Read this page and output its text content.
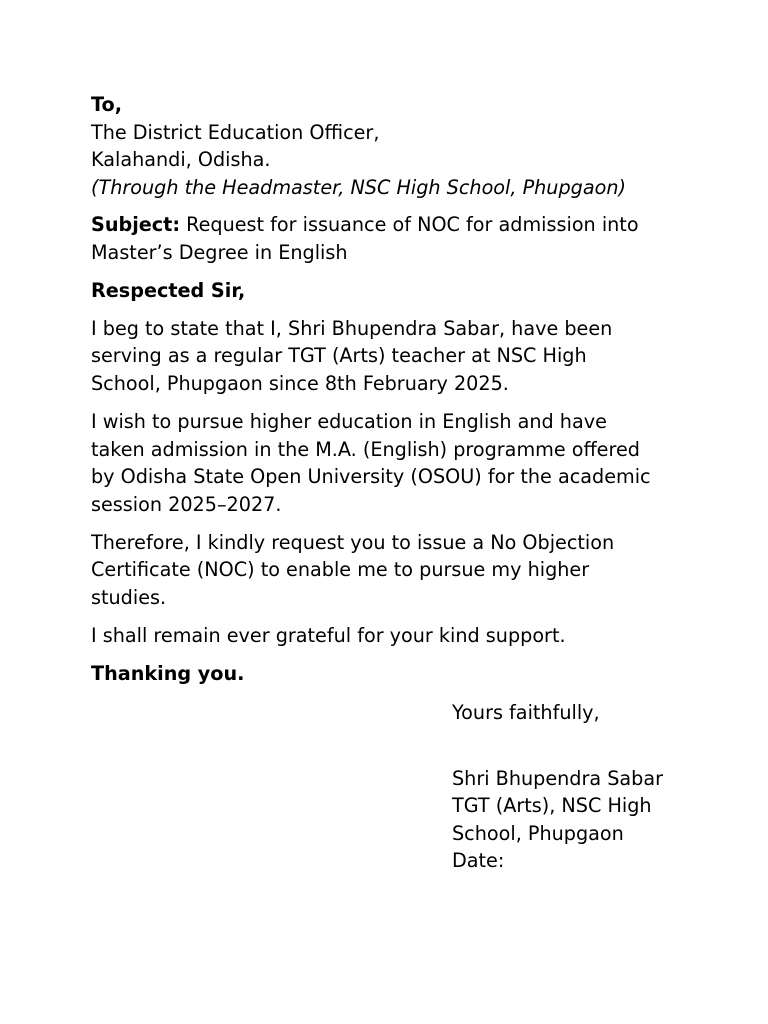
To,
The District Education Officer,
Kalahandi, Odisha.
(Through the Headmaster, NSC High School, Phupgaon)
Subject: Request for issuance of NOC for admission into
Master’s Degree in English
Respected Sir,
I beg to state that I, Shri Bhupendra Sabar, have been
serving as a regular TGT (Arts) teacher at NSC High
School, Phupgaon since 8th February 2025.
I wish to pursue higher education in English and have
taken admission in the M.A. (English) programme offered
by Odisha State Open University (OSOU) for the academic
session 2025–2027.
Therefore, I kindly request you to issue a No Objection
Certificate (NOC) to enable me to pursue my higher
studies.
I shall remain ever grateful for your kind support.
Thanking you.
Yours faithfully,
Shri Bhupendra Sabar
TGT (Arts), NSC High
School, Phupgaon
Date:
